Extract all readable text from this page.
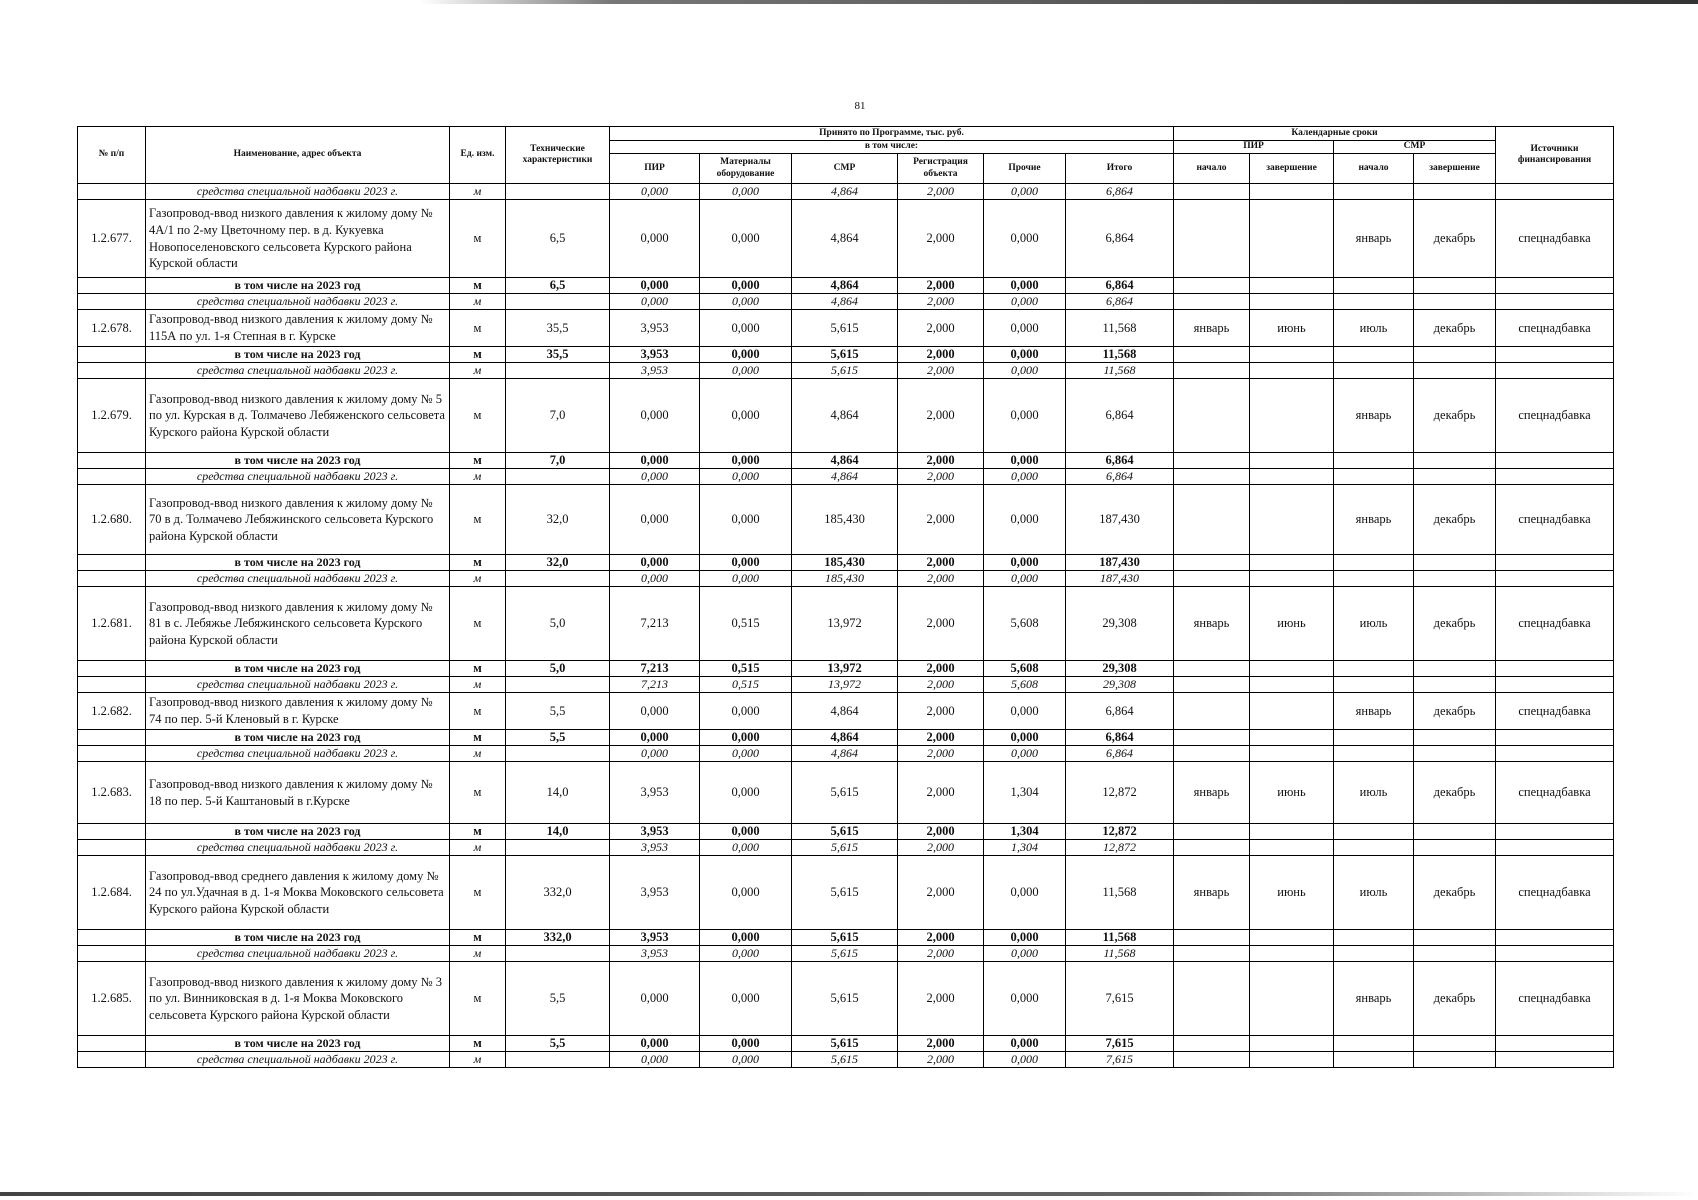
81
№ п/п	Наименование, адрес объекта	Ед. изм.	Технические характеристики	Принято по Программе, тыс. руб.						Календарные сроки				Источники финансирования
				в том числе:						ПИР		СМР		
				ПИР	Материалы оборудование	СМР	Регистрация объекта	Прочие	Итого	начало	завершение	начало	завершение	
	средства специальной надбавки 2023 г.	м		0,000	0,000	4,864	2,000	0,000	6,864					
1.2.677.	Газопровод-ввод низкого давления к жилому дому № 4А/1 по 2-му Цветочному пер. в д. Кукуевка Новопоселеновского сельсовета Курского района Курской области	м	6,5	0,000	0,000	4,864	2,000	0,000	6,864			январь	декабрь	спецнадбавка
	в том числе на 2023 год	м	6,5	0,000	0,000	4,864	2,000	0,000	6,864					
	средства специальной надбавки 2023 г.	м		0,000	0,000	4,864	2,000	0,000	6,864					
1.2.678.	Газопровод-ввод низкого давления к жилому дому № 115А по ул. 1-я Степная в г. Курске	м	35,5	3,953	0,000	5,615	2,000	0,000	11,568	январь	июнь	июль	декабрь	спецнадбавка
	в том числе на 2023 год	м	35,5	3,953	0,000	5,615	2,000	0,000	11,568					
	средства специальной надбавки 2023 г.	м		3,953	0,000	5,615	2,000	0,000	11,568					
1.2.679.	Газопровод-ввод низкого давления к жилому дому № 5 по ул. Курская в д. Толмачево Лебяженского сельсовета Курского района Курской области	м	7,0	0,000	0,000	4,864	2,000	0,000	6,864			январь	декабрь	спецнадбавка
	в том числе на 2023 год	м	7,0	0,000	0,000	4,864	2,000	0,000	6,864					
	средства специальной надбавки 2023 г.	м		0,000	0,000	4,864	2,000	0,000	6,864					
1.2.680.	Газопровод-ввод низкого давления к жилому дому № 70 в д. Толмачево Лебяжинского сельсовета Курского района Курской области	м	32,0	0,000	0,000	185,430	2,000	0,000	187,430			январь	декабрь	спецнадбавка
	в том числе на 2023 год	м	32,0	0,000	0,000	185,430	2,000	0,000	187,430					
	средства специальной надбавки 2023 г.	м		0,000	0,000	185,430	2,000	0,000	187,430					
1.2.681.	Газопровод-ввод низкого давления к жилому дому № 81 в с. Лебяжье Лебяжинского сельсовета Курского района Курской области	м	5,0	7,213	0,515	13,972	2,000	5,608	29,308	январь	июнь	июль	декабрь	спецнадбавка
	в том числе на 2023 год	м	5,0	7,213	0,515	13,972	2,000	5,608	29,308					
	средства специальной надбавки 2023 г.	м		7,213	0,515	13,972	2,000	5,608	29,308					
1.2.682.	Газопровод-ввод низкого давления к жилому дому № 74 по пер. 5-й Кленовый в г. Курске	м	5,5	0,000	0,000	4,864	2,000	0,000	6,864			январь	декабрь	спецнадбавка
	в том числе на 2023 год	м	5,5	0,000	0,000	4,864	2,000	0,000	6,864					
	средства специальной надбавки 2023 г.	м		0,000	0,000	4,864	2,000	0,000	6,864					
1.2.683.	Газопровод-ввод низкого давления к жилому дому № 18 по пер. 5-й Каштановый в г.Курске	м	14,0	3,953	0,000	5,615	2,000	1,304	12,872	январь	июнь	июль	декабрь	спецнадбавка
	в том числе на 2023 год	м	14,0	3,953	0,000	5,615	2,000	1,304	12,872					
	средства специальной надбавки 2023 г.	м		3,953	0,000	5,615	2,000	1,304	12,872					
1.2.684.	Газопровод-ввод среднего давления к жилому дому № 24 по ул.Удачная в д. 1-я Моква Моковского сельсовета Курского района Курской области	м	332,0	3,953	0,000	5,615	2,000	0,000	11,568	январь	июнь	июль	декабрь	спецнадбавка
	в том числе на 2023 год	м	332,0	3,953	0,000	5,615	2,000	0,000	11,568					
	средства специальной надбавки 2023 г.	м		3,953	0,000	5,615	2,000	0,000	11,568					
1.2.685.	Газопровод-ввод низкого давления к жилому дому № 3 по ул. Винниковская в д. 1-я Моква Моковского сельсовета Курского района Курской области	м	5,5	0,000	0,000	5,615	2,000	0,000	7,615			январь	декабрь	спецнадбавка
	в том числе на 2023 год	м	5,5	0,000	0,000	5,615	2,000	0,000	7,615					
	средства специальной надбавки 2023 г.	м		0,000	0,000	5,615	2,000	0,000	7,615					
